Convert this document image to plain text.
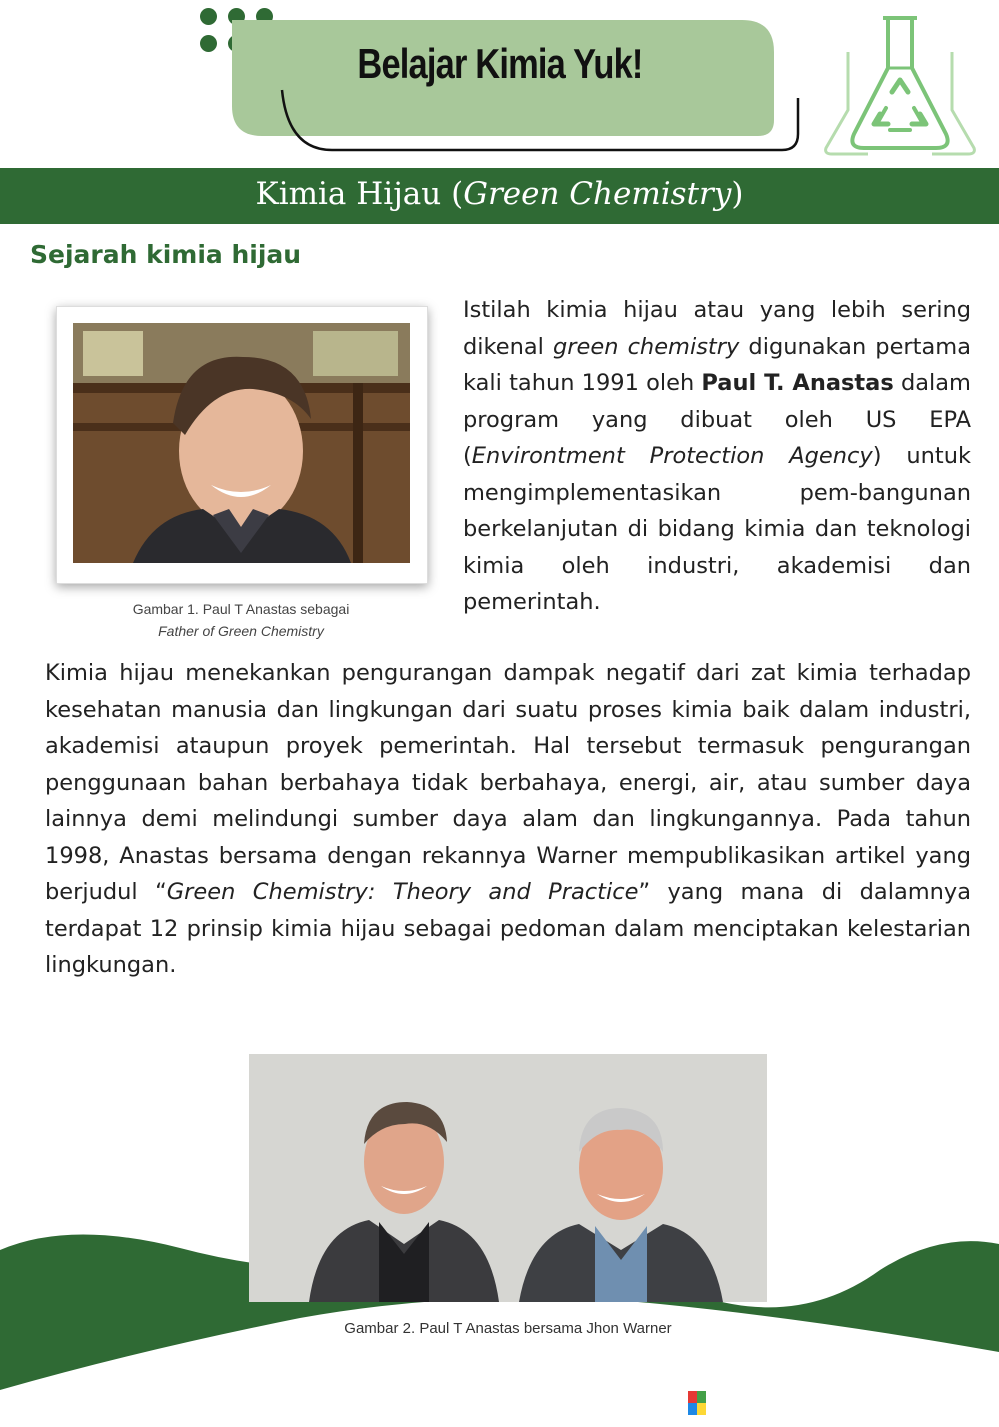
Belajar Kimia Yuk!
Kimia Hijau (Green Chemistry)
Sejarah kimia hijau
Gambar 1. Paul T Anastas sebagai
Father of Green Chemistry
Istilah kimia hijau atau yang lebih sering dikenal green chemistry digunakan pertama kali tahun 1991 oleh Paul T. Anastas dalam program yang dibuat oleh US EPA (Environtment Protection Agency) untuk mengimplementasikan pem-bangunan berkelanjutan di bidang kimia dan teknologi kimia oleh industri, akademisi dan pemerintah.
Kimia hijau menekankan pengurangan dampak negatif dari zat kimia terhadap kesehatan manusia dan lingkungan dari suatu proses kimia baik dalam industri, akademisi ataupun proyek pemerintah. Hal tersebut termasuk pengurangan penggunaan bahan berbahaya tidak berbahaya, energi, air, atau sumber daya lainnya demi melindungi sumber daya alam dan lingkungannya. Pada tahun 1998, Anastas bersama dengan rekannya Warner mempublikasikan artikel yang berjudul “Green Chemistry: Theory and Practice” yang mana di dalamnya terdapat 12 prinsip kimia hijau sebagai pedoman dalam menciptakan kelestarian lingkungan.
Gambar 2. Paul T Anastas bersama Jhon Warner
LIVEWORKSHEETS
